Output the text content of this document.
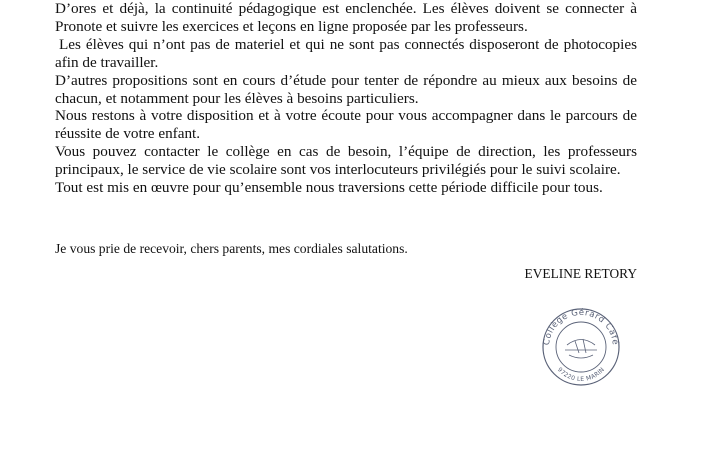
D’ores et déjà, la continuité pédagogique est enclenchée. Les élèves doivent se connecter à Pronote et suivre les exercices et leçons en ligne proposée par les professeurs.

Les élèves qui n’ont pas de materiel et qui ne sont pas connectés disposeront de photocopies afin de travailler.

D’autres propositions sont en cours d’étude pour tenter de répondre au mieux aux besoins de chacun, et notamment pour les élèves à besoins particuliers.

Nous restons à votre disposition et à votre écoute pour vous accompagner dans le parcours de réussite de votre enfant.

Vous pouvez contacter le collège en cas de besoin, l’équipe de direction, les professeurs principaux, le service de vie scolaire sont vos interlocuteurs privilégiés pour le suivi scolaire.

Tout est mis en œuvre pour qu’ensemble nous traversions cette période difficile pour tous.

Je vous prie de recevoir, chers parents, mes cordiales salutations.

EVELINE RETORY

Collège Gérard Café
97220 LE MARIN
